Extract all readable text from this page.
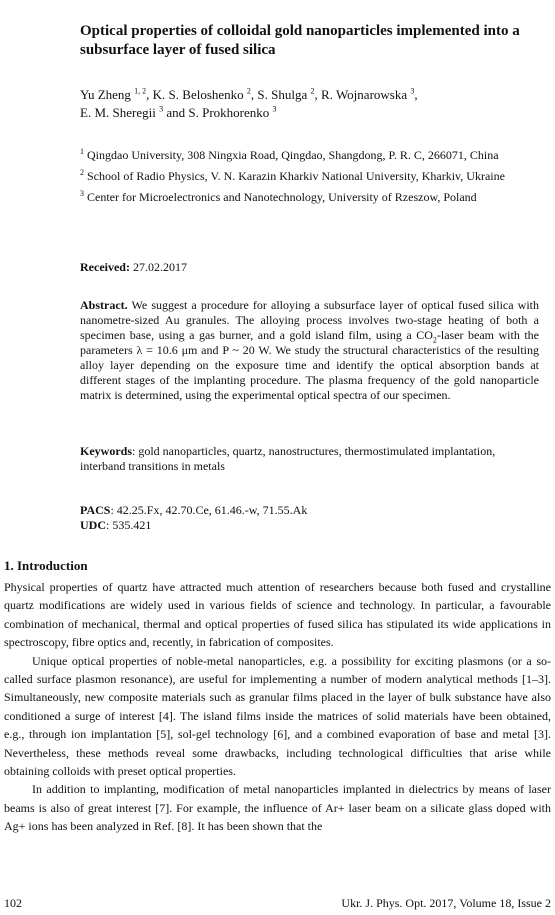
Optical properties of colloidal gold nanoparticles implemented into a subsurface layer of fused silica
Yu Zheng $^{1, 2}$, K. S. Beloshenko $^2$, S. Shulga $^2$, R. Wojnarowska $^3$,
E. M. Sheregii $^3$ and S. Prokhorenko $^3$
$^1$ Qingdao University, 308 Ningxia Road, Qingdao, Shangdong, P. R. C, 266071, China
$^2$ School of Radio Physics, V. N. Karazin Kharkiv National University, Kharkiv, Ukraine
$^3$ Center for Microelectronics and Nanotechnology, University of Rzeszow, Poland
Received: 27.02.2017
Abstract. We suggest a procedure for alloying a subsurface layer of optical fused silica with nanometre-sized Au granules. The alloying process involves two-stage heating of both a specimen base, using a gas burner, and a gold island film, using a $CO_2$-laser beam with the parameters λ = 10.6 μm and P ~ 20 W. We study the structural characteristics of the resulting alloy layer depending on the exposure time and identify the optical absorption bands at different stages of the implanting procedure. The plasma frequency of the gold nanoparticle matrix is determined, using the experimental optical spectra of our specimen.
Keywords: gold nanoparticles, quartz, nanostructures, thermostimulated implantation, interband transitions in metals
PACS: 42.25.Fx, 42.70.Ce, 61.46.-w, 71.55.Ak
UDC: 535.421
1. Introduction

Physical properties of quartz have attracted much attention of researchers because both fused and crystalline quartz modifications are widely used in various fields of science and technology. In particular, a favourable combination of mechanical, thermal and optical properties of fused silica has stipulated its wide applications in spectroscopy, fibre optics and, recently, in fabrication of composites.

Unique optical properties of noble-metal nanoparticles, e.g. a possibility for exciting plasmons (or a so-called surface plasmon resonance), are useful for implementing a number of modern analytical methods [1–3]. Simultaneously, new composite materials such as granular films placed in the layer of bulk substance have also conditioned a surge of interest [4]. The island films inside the matrices of solid materials have been obtained, e.g., through ion implantation [5], sol-gel technology [6], and a combined evaporation of base and metal [3]. Nevertheless, these methods reveal some drawbacks, including technological difficulties that arise while obtaining colloids with preset optical properties.

In addition to implanting, modification of metal nanoparticles implanted in dielectrics by means of laser beams is also of great interest [7]. For example, the influence of Ar+ laser beam on a silicate glass doped with Ag+ ions has been analyzed in Ref. [8]. It has been shown that the

102	Ukr. J. Phys. Opt. 2017, Volume 18, Issue 2
